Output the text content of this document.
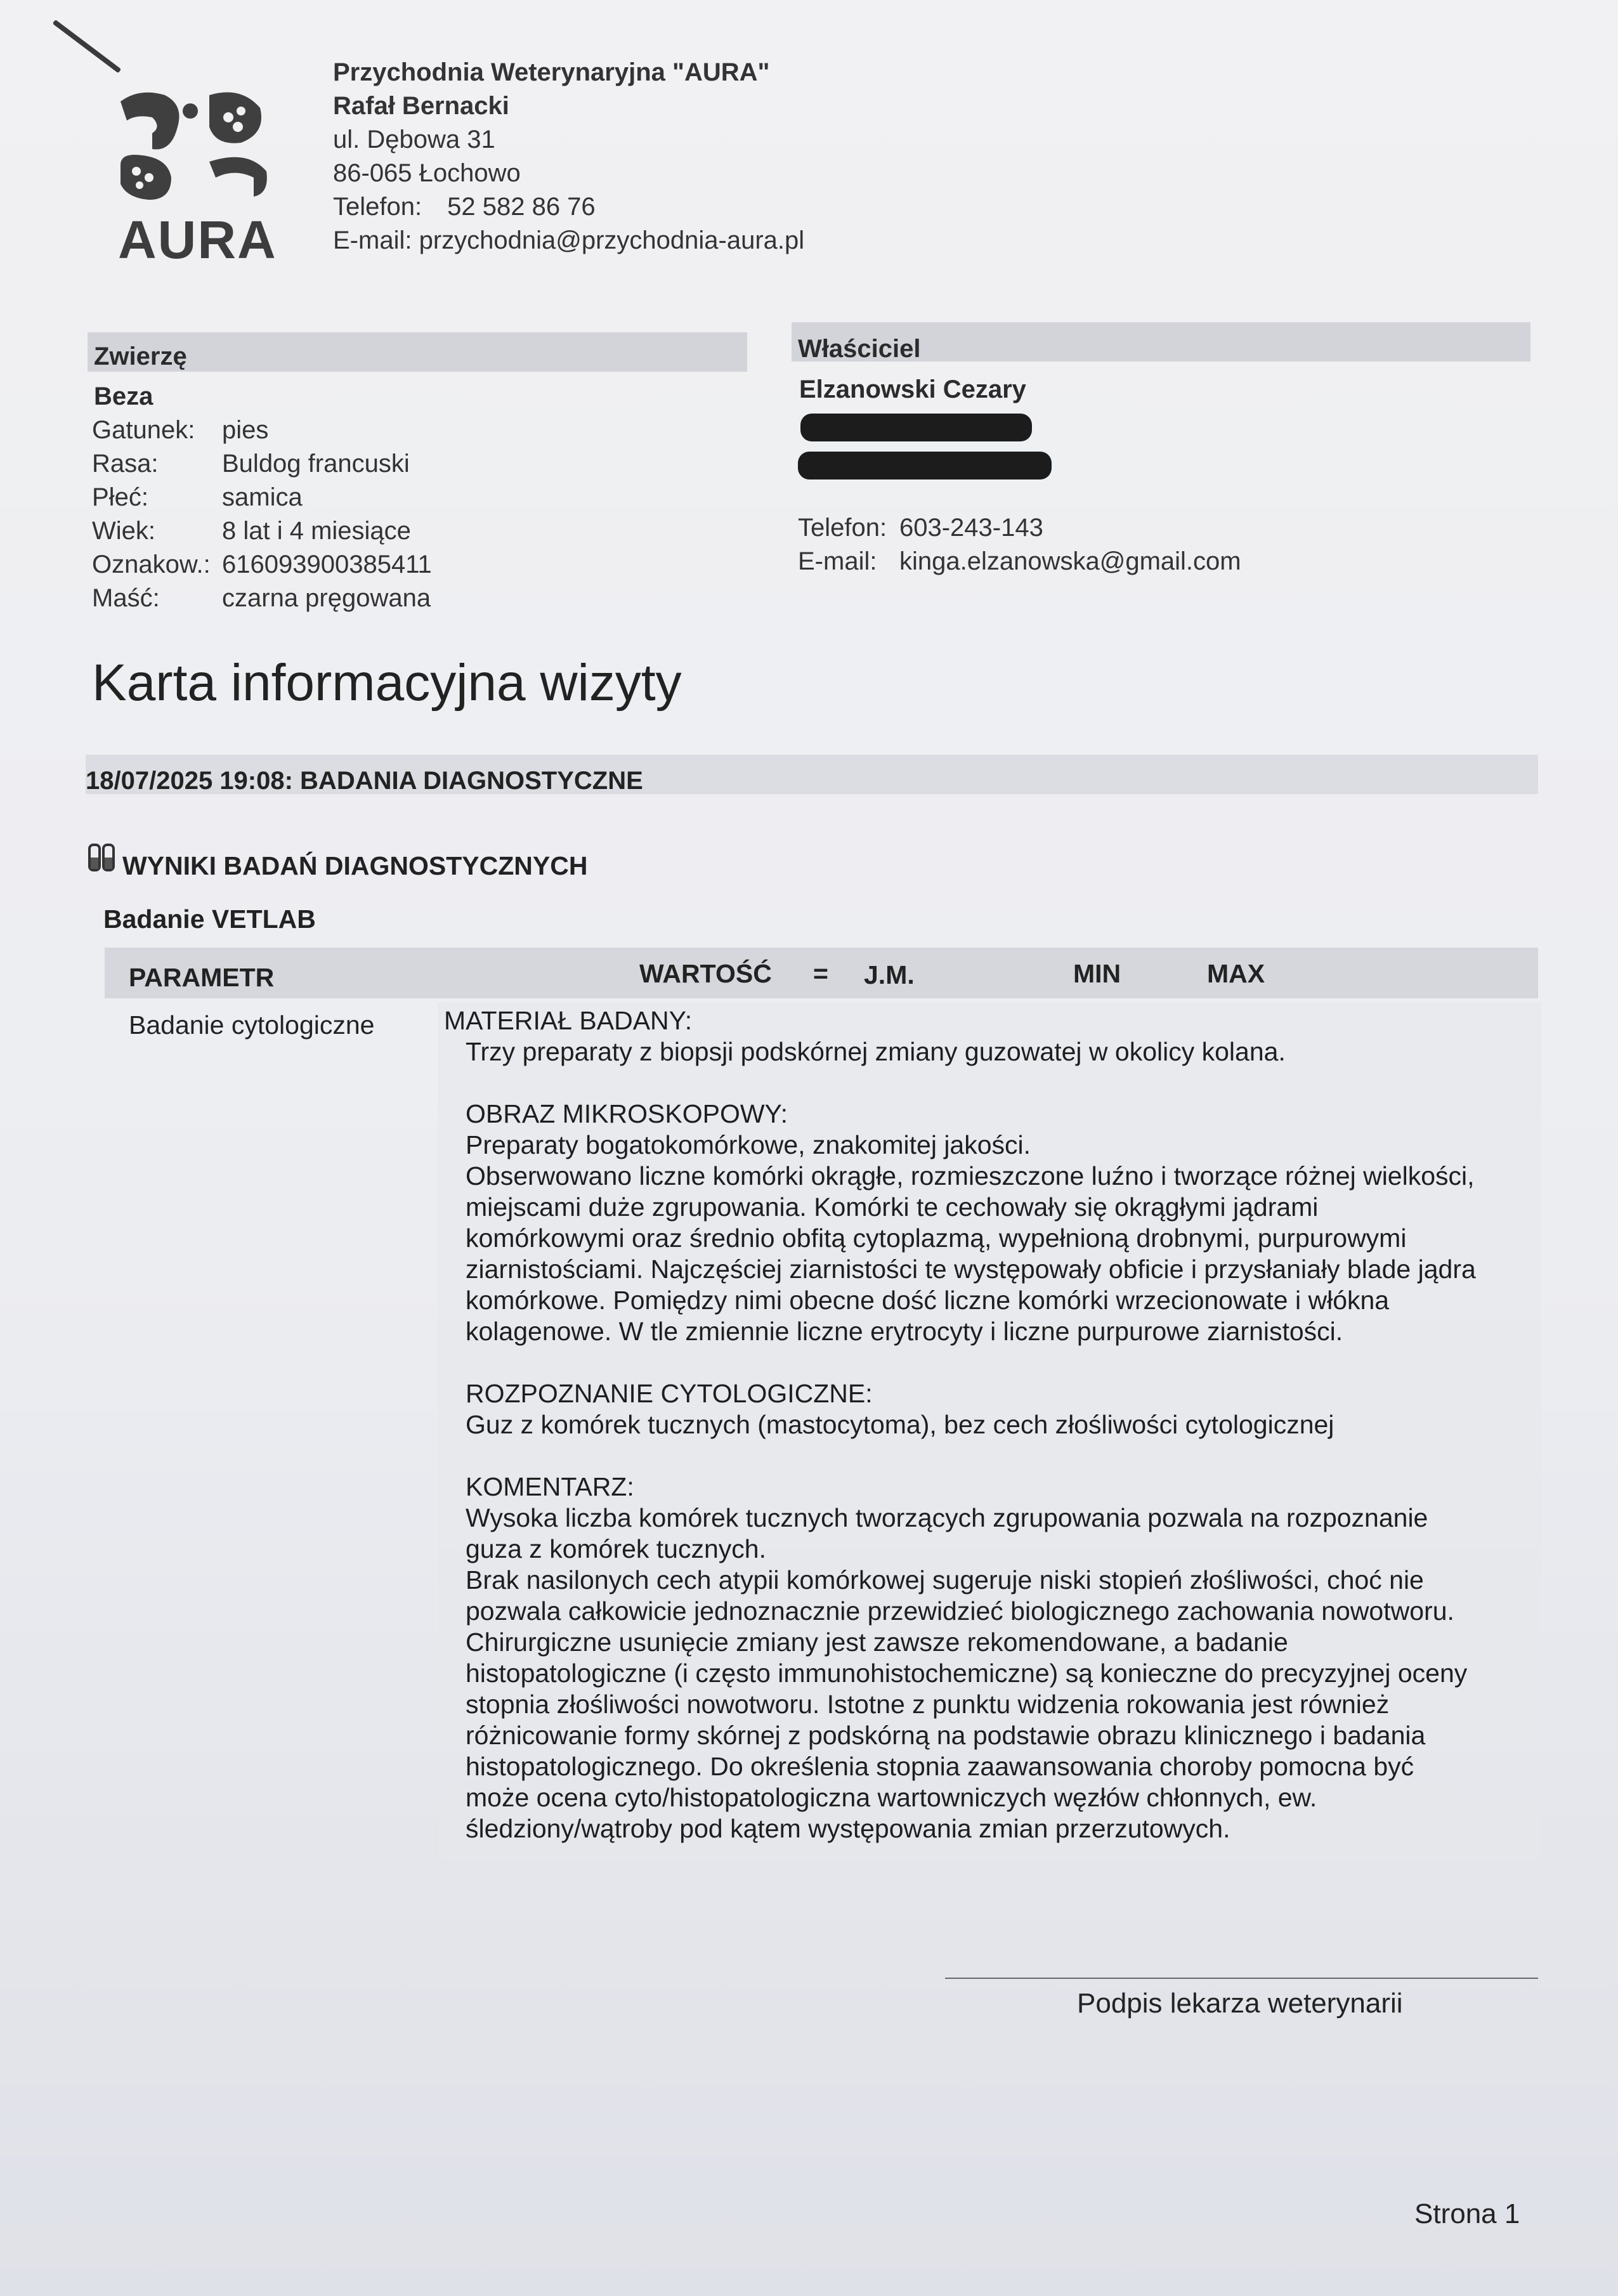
AURA
Przychodnia Weterynaryjna "AURA"
Rafał Bernacki
ul. Dębowa 31
86-065 Łochowo
Telefon: 52 582 86 76
E-mail: przychodnia@przychodnia-aura.pl
Zwierzę
Beza
Gatunek:	pies
Rasa:	Buldog francuski
Płeć:	samica
Wiek:	8 lat i 4 miesiące
Oznakow.: 616093900385411
Maść:	czarna pręgowana
Właściciel
Elzanowski Cezary
Telefon: 603-243-143
E-mail: kinga.elzanowska@gmail.com
Karta informacyjna wizyty
18/07/2025 19:08: BADANIA DIAGNOSTYCZNE
WYNIKI BADAŃ DIAGNOSTYCZNYCH
Badanie VETLAB
PARAMETR	WARTOŚĆ = J.M.	MIN	MAX
Badanie cytologiczne	MATERIAŁ BADANY:

Trzy preparaty z biopsji podskórnej zmiany guzowatej w okolicy kolana.

OBRAZ MIKROSKOPOWY:

Preparaty bogatokomórkowe, znakomitej jakości.

Obserwowano liczne komórki okrągłe, rozmieszczone luźno i tworzące różnej wielkości,

miejscami duże zgrupowania. Komórki te cechowały się okrągłymi jądrami

komórkowymi oraz średnio obfitą cytoplazmą, wypełnioną drobnymi, purpurowymi

ziarnistościami. Najczęściej ziarnistości te występowały obficie i przysłaniały blade jądra

komórkowe. Pomiędzy nimi obecne dość liczne komórki wrzecionowate i włókna

kolagenowe. W tle zmiennie liczne erytrocyty i liczne purpurowe ziarnistości.

ROZPOZNANIE CYTOLOGICZNE:

Guz z komórek tucznych (mastocytoma), bez cech złośliwości cytologicznej

KOMENTARZ:

Wysoka liczba komórek tucznych tworzących zgrupowania pozwala na rozpoznanie

guza z komórek tucznych.

Brak nasilonych cech atypii komórkowej sugeruje niski stopień złośliwości, choć nie

pozwala całkowicie jednoznacznie przewidzieć biologicznego zachowania nowotworu.

Chirurgiczne usunięcie zmiany jest zawsze rekomendowane, a badanie

histopatologiczne (i często immunohistochemiczne) są konieczne do precyzyjnej oceny

stopnia złośliwości nowotworu. Istotne z punktu widzenia rokowania jest również

różnicowanie formy skórnej z podskórną na podstawie obrazu klinicznego i badania

histopatologicznego. Do określenia stopnia zaawansowania choroby pomocna być

może ocena cyto/histopatologiczna wartowniczych węzłów chłonnych, ew.

śledziony/wątroby pod kątem występowania zmian przerzutowych.

Podpis lekarza weterynarii
Strona 1
